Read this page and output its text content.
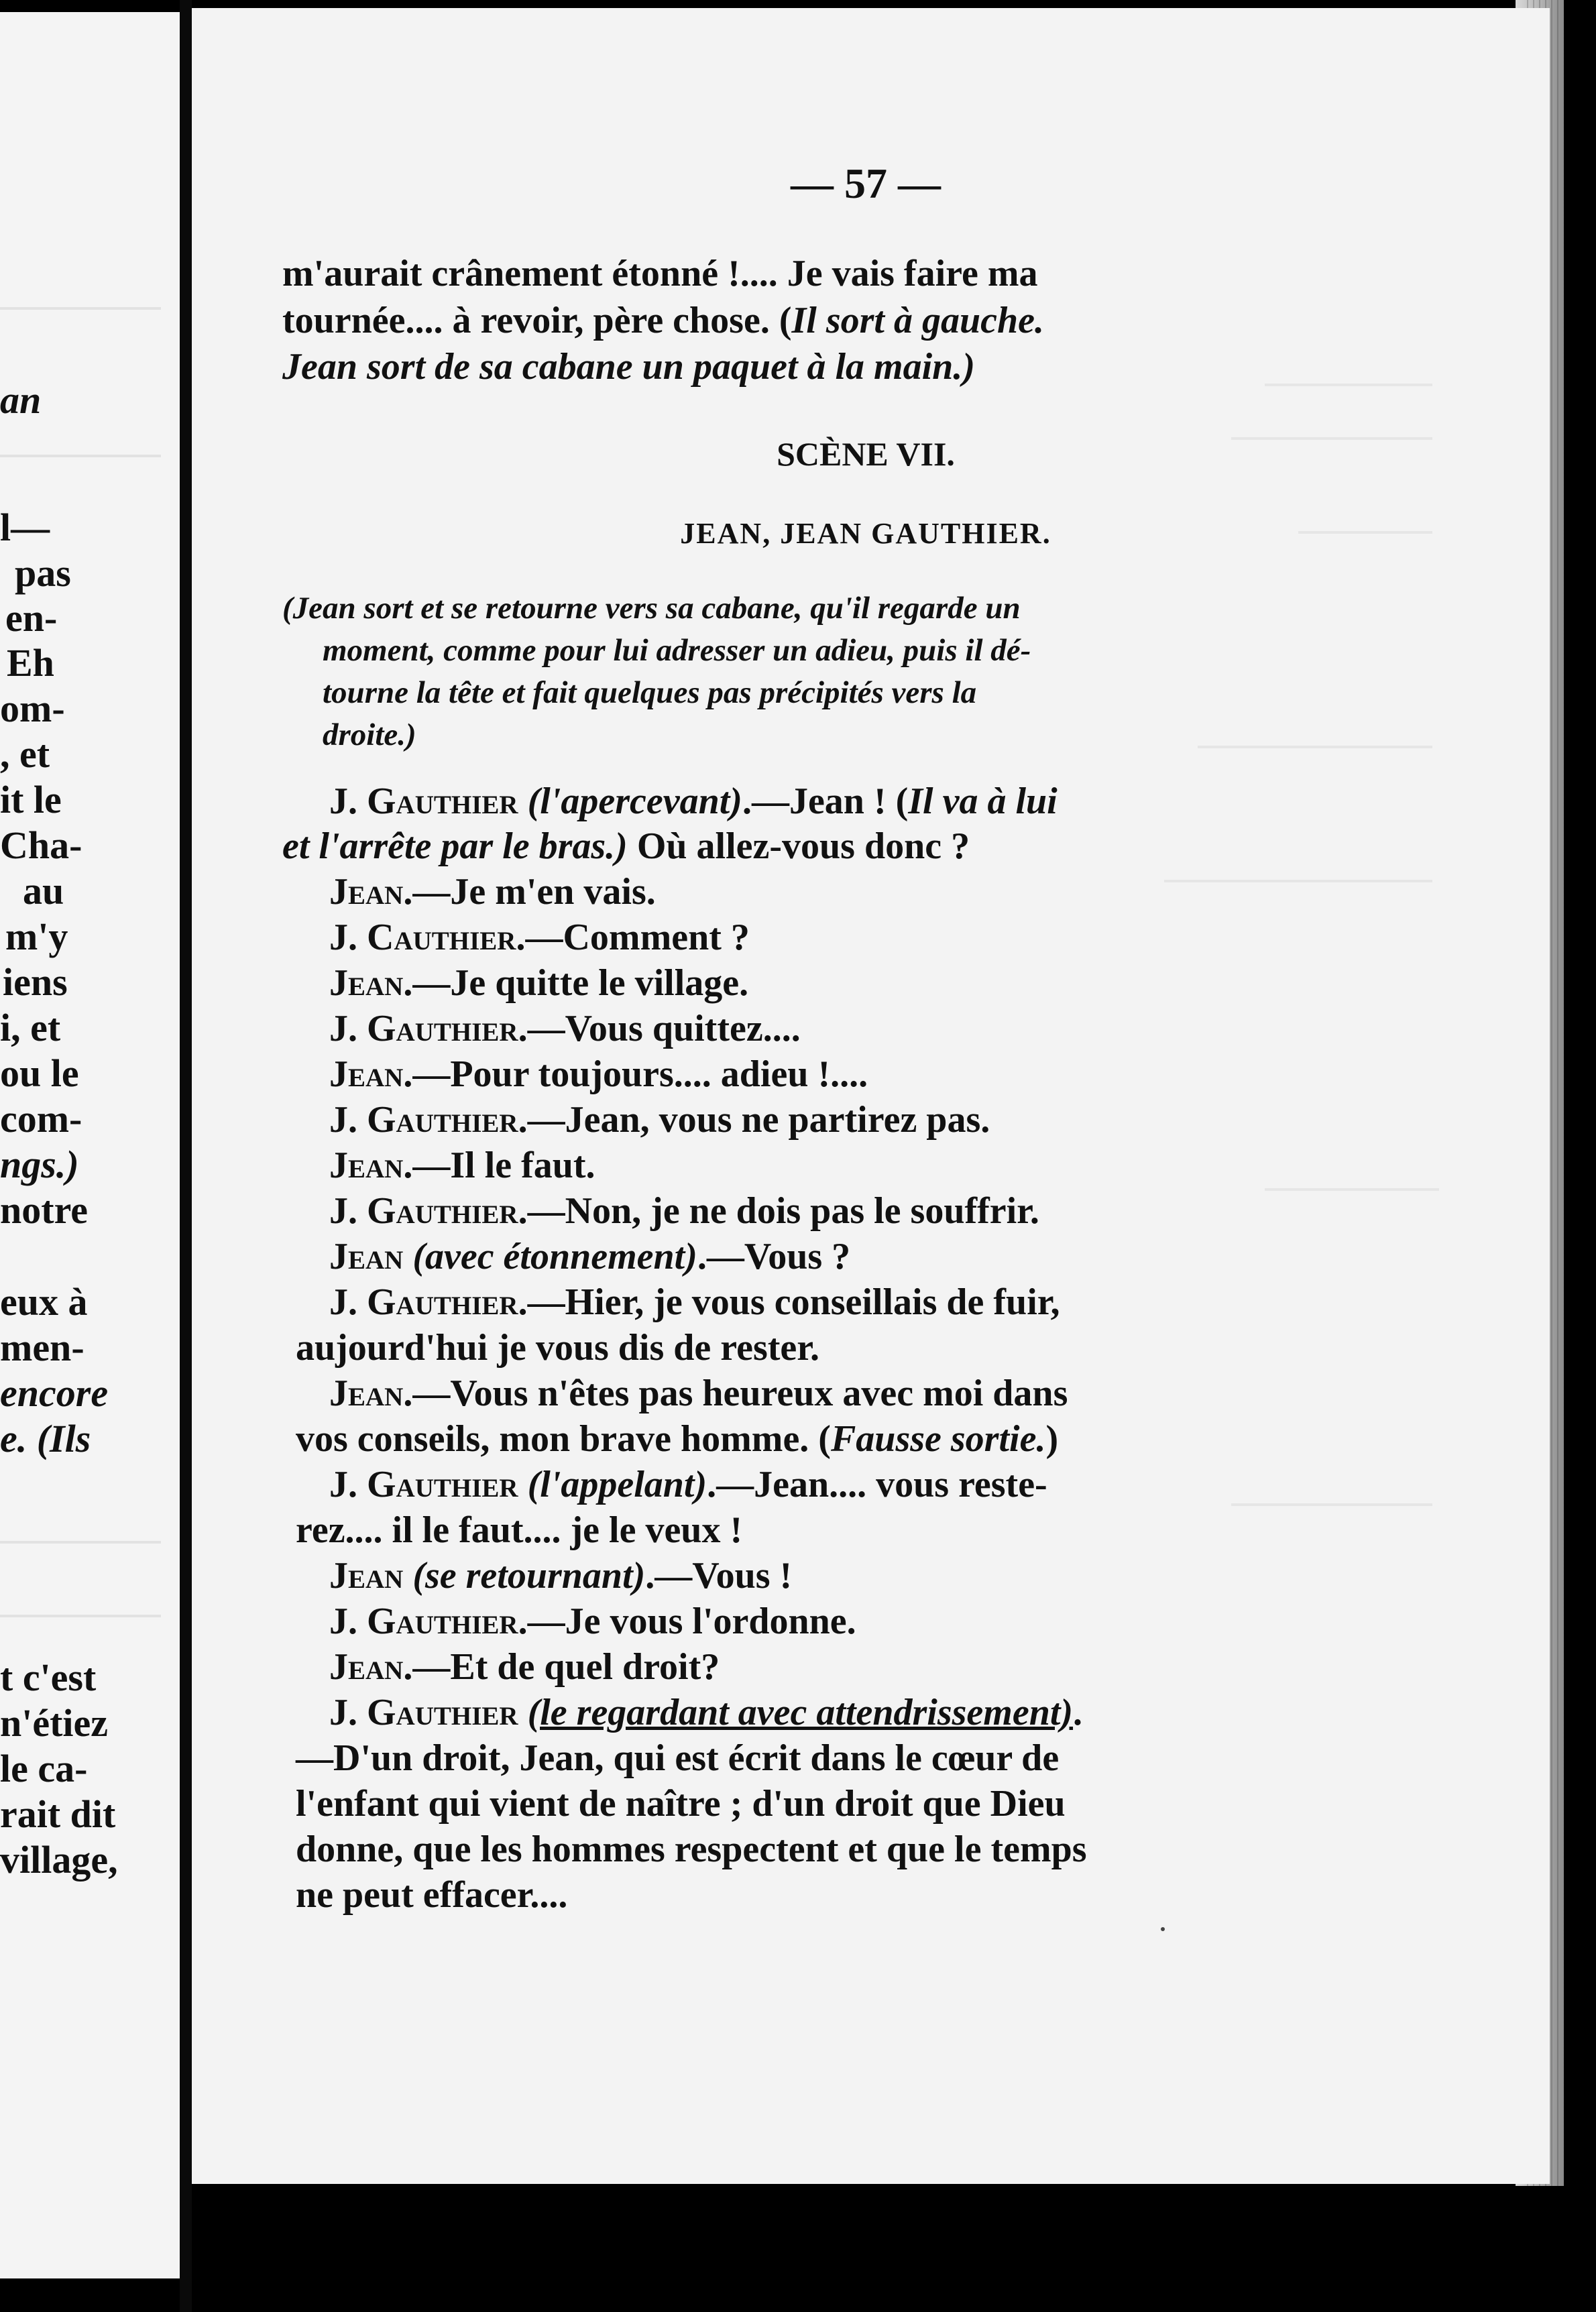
an
l—
pas
en-
Eh
om-
, et
it le
Cha-
au
m'y
iens
i, et
ou le
com-
ngs.)
notre
eux à
men-
encore
e. (Ils
t c'est
n'étiez
le ca-
rait dit
village,
— 57 —
m'aurait crânement étonné !.... Je vais faire ma
tournée.... à revoir, père chose. (Il sort à gauche.
Jean sort de sa cabane un paquet à la main.)
SCÈNE VII.
JEAN, JEAN GAUTHIER.
(Jean sort et se retourne vers sa cabane, qu'il regarde un
moment, comme pour lui adresser un adieu, puis il dé-
tourne la tête et fait quelques pas précipités vers la
droite.)
J. Gauthier (l'apercevant).—Jean ! (Il va à lui
et l'arrête par le bras.) Où allez-vous donc ?
Jean.—Je m'en vais.
J. Cauthier.—Comment ?
Jean.—Je quitte le village.
J. Gauthier.—Vous quittez....
Jean.—Pour toujours.... adieu !....
J. Gauthier.—Jean, vous ne partirez pas.
Jean.—Il le faut.
J. Gauthier.—Non, je ne dois pas le souffrir.
Jean (avec étonnement).—Vous ?
J. Gauthier.—Hier, je vous conseillais de fuir,
aujourd'hui je vous dis de rester.
Jean.—Vous n'êtes pas heureux avec moi dans
vos conseils, mon brave homme. (Fausse sortie.)
J. Gauthier (l'appelant).—Jean.... vous reste-
rez.... il le faut.... je le veux !
Jean (se retournant).—Vous !
J. Gauthier.—Je vous l'ordonne.
Jean.—Et de quel droit?
J. Gauthier (le regardant avec attendrissement).
—D'un droit, Jean, qui est écrit dans le cœur de
l'enfant qui vient de naître ; d'un droit que Dieu
donne, que les hommes respectent et que le temps
ne peut effacer....
